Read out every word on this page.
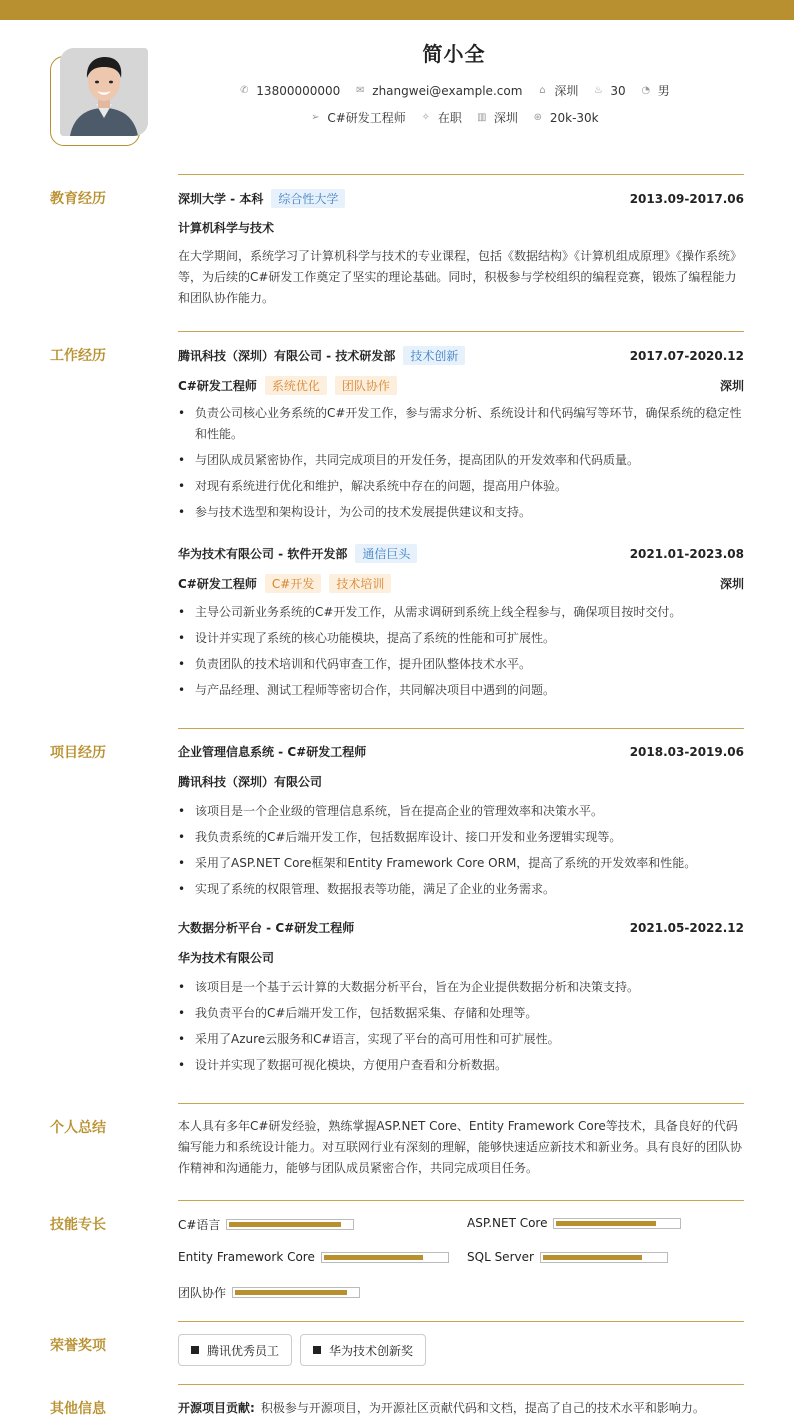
简小全
✆ 13800000000 ✉ zhangwei@example.com ⌂ 深圳 ♨ 30 ◔ 男
➢ C#研发工程师 ✧ 在职 ▥ 深圳 ⊛ 20k-30k
教育经历	深圳大学 - 本科	综合性大学	2013.09-2017.06
计算机科学与技术
在大学期间，系统学习了计算机科学与技术的专业课程，包括《数据结构》《计算机组成原理》《操作系统》等，为后续的C#研发工作奠定了坚实的理论基础。同时，积极参与学校组织的编程竞赛，锻炼了编程能力和团队协作能力。
工作经历	腾讯科技（深圳）有限公司 - 技术研发部	技术创新	2017.07-2020.12
C#研发工程师	系统优化	团队协作	深圳
• 负责公司核心业务系统的C#开发工作，参与需求分析、系统设计和代码编写等环节，确保系统的稳定性和性能。
• 与团队成员紧密协作，共同完成项目的开发任务，提高团队的开发效率和代码质量。
• 对现有系统进行优化和维护，解决系统中存在的问题，提高用户体验。
• 参与技术选型和架构设计，为公司的技术发展提供建议和支持。
华为技术有限公司 - 软件开发部	通信巨头	2021.01-2023.08
C#研发工程师	C#开发	技术培训	深圳
• 主导公司新业务系统的C#开发工作，从需求调研到系统上线全程参与，确保项目按时交付。
• 设计并实现了系统的核心功能模块，提高了系统的性能和可扩展性。
• 负责团队的技术培训和代码审查工作，提升团队整体技术水平。
• 与产品经理、测试工程师等密切合作，共同解决项目中遇到的问题。
项目经历	企业管理信息系统 - C#研发工程师	2018.03-2019.06
腾讯科技（深圳）有限公司
• 该项目是一个企业级的管理信息系统，旨在提高企业的管理效率和决策水平。
• 我负责系统的C#后端开发工作，包括数据库设计、接口开发和业务逻辑实现等。
• 采用了ASP.NET Core框架和Entity Framework Core ORM，提高了系统的开发效率和性能。
• 实现了系统的权限管理、数据报表等功能，满足了企业的业务需求。
大数据分析平台 - C#研发工程师	2021.05-2022.12
华为技术有限公司
• 该项目是一个基于云计算的大数据分析平台，旨在为企业提供数据分析和决策支持。
• 我负责平台的C#后端开发工作，包括数据采集、存储和处理等。
• 采用了Azure云服务和C#语言，实现了平台的高可用性和可扩展性。
• 设计并实现了数据可视化模块，方便用户查看和分析数据。
个人总结	本人具有多年C#研发经验，熟练掌握ASP.NET Core、Entity Framework Core等技术，具备良好的代码编写能力和系统设计能力。对互联网行业有深刻的理解，能够快速适应新技术和新业务。具有良好的团队协作精神和沟通能力，能够与团队成员紧密合作，共同完成项目任务。
技能专长	C#语言	ASP.NET Core
Entity Framework Core	SQL Server
团队协作
荣誉奖项	腾讯优秀员工	华为技术创新奖
其他信息	开源项目贡献: 积极参与开源项目，为开源社区贡献代码和文档，提高了自己的技术水平和影响力。
